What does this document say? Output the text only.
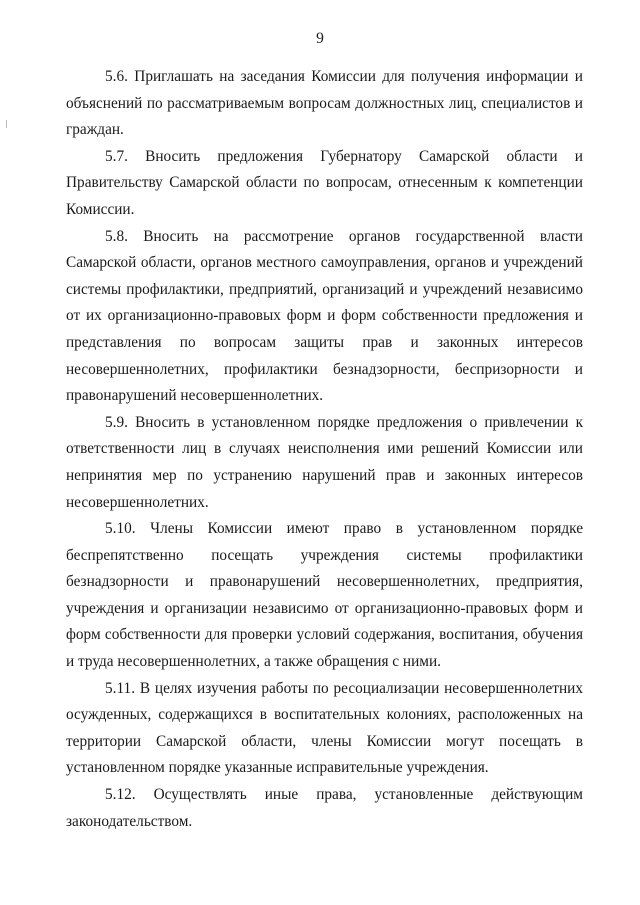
9

5.6. Приглашать на заседания Комиссии для получения информации и объяснений по рассматриваемым вопросам должностных лиц, специалистов и граждан.

5.7. Вносить предложения Губернатору Самарской области и Правительству Самарской области по вопросам, отнесенным к компетенции Комиссии.

5.8. Вносить на рассмотрение органов государственной власти Самарской области, органов местного самоуправления, органов и учреждений системы профилактики, предприятий, организаций и учреждений независимо от их организационно-правовых форм и форм собственности предложения и представления по вопросам защиты прав и законных интересов несовершеннолетних, профилактики безнадзорности, беспризорности и правонарушений несовершеннолетних.

5.9. Вносить в установленном порядке предложения о привлечении к ответственности лиц в случаях неисполнения ими решений Комиссии или непринятия мер по устранению нарушений прав и законных интересов несовершеннолетних.

5.10. Члены Комиссии имеют право в установленном порядке беспрепятственно посещать учреждения системы профилактики безнадзорности и правонарушений несовершеннолетних, предприятия, учреждения и организации независимо от организационно-правовых форм и форм собственности для проверки условий содержания, воспитания, обучения и труда несовершеннолетних, а также обращения с ними.

5.11. В целях изучения работы по ресоциализации несовершеннолетних осужденных, содержащихся в воспитательных колониях, расположенных на территории Самарской области, члены Комиссии могут посещать в установленном порядке указанные исправительные учреждения.

5.12. Осуществлять иные права, установленные действующим законодательством.
